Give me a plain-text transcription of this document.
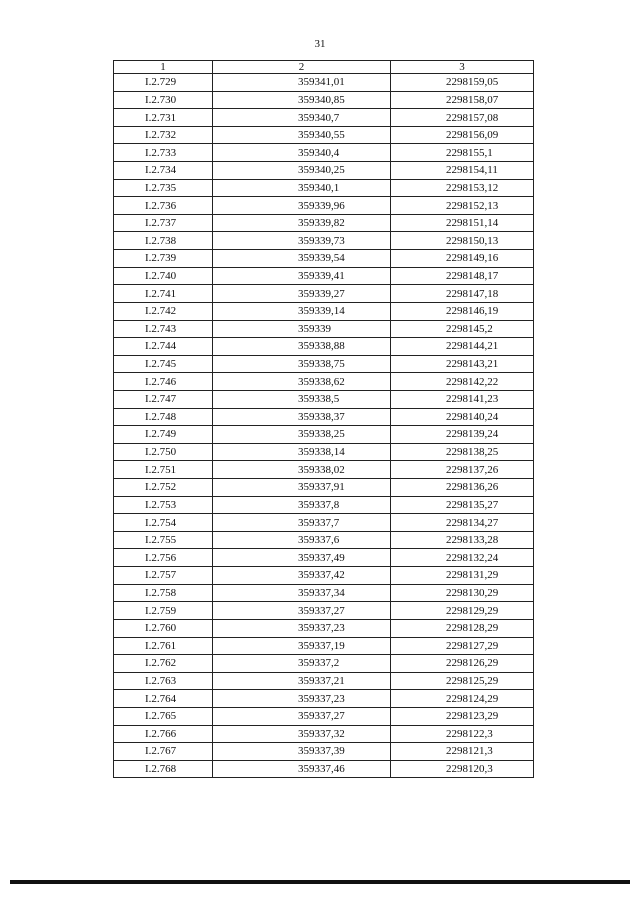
31
1	2	3
I.2.729	359341,01	2298159,05
I.2.730	359340,85	2298158,07
I.2.731	359340,7	2298157,08
I.2.732	359340,55	2298156,09
I.2.733	359340,4	2298155,1
I.2.734	359340,25	2298154,11
I.2.735	359340,1	2298153,12
I.2.736	359339,96	2298152,13
I.2.737	359339,82	2298151,14
I.2.738	359339,73	2298150,13
I.2.739	359339,54	2298149,16
I.2.740	359339,41	2298148,17
I.2.741	359339,27	2298147,18
I.2.742	359339,14	2298146,19
I.2.743	359339	2298145,2
I.2.744	359338,88	2298144,21
I.2.745	359338,75	2298143,21
I.2.746	359338,62	2298142,22
I.2.747	359338,5	2298141,23
I.2.748	359338,37	2298140,24
I.2.749	359338,25	2298139,24
I.2.750	359338,14	2298138,25
I.2.751	359338,02	2298137,26
I.2.752	359337,91	2298136,26
I.2.753	359337,8	2298135,27
I.2.754	359337,7	2298134,27
I.2.755	359337,6	2298133,28
I.2.756	359337,49	2298132,24
I.2.757	359337,42	2298131,29
I.2.758	359337,34	2298130,29
I.2.759	359337,27	2298129,29
I.2.760	359337,23	2298128,29
I.2.761	359337,19	2298127,29
I.2.762	359337,2	2298126,29
I.2.763	359337,21	2298125,29
I.2.764	359337,23	2298124,29
I.2.765	359337,27	2298123,29
I.2.766	359337,32	2298122,3
I.2.767	359337,39	2298121,3
I.2.768	359337,46	2298120,3
